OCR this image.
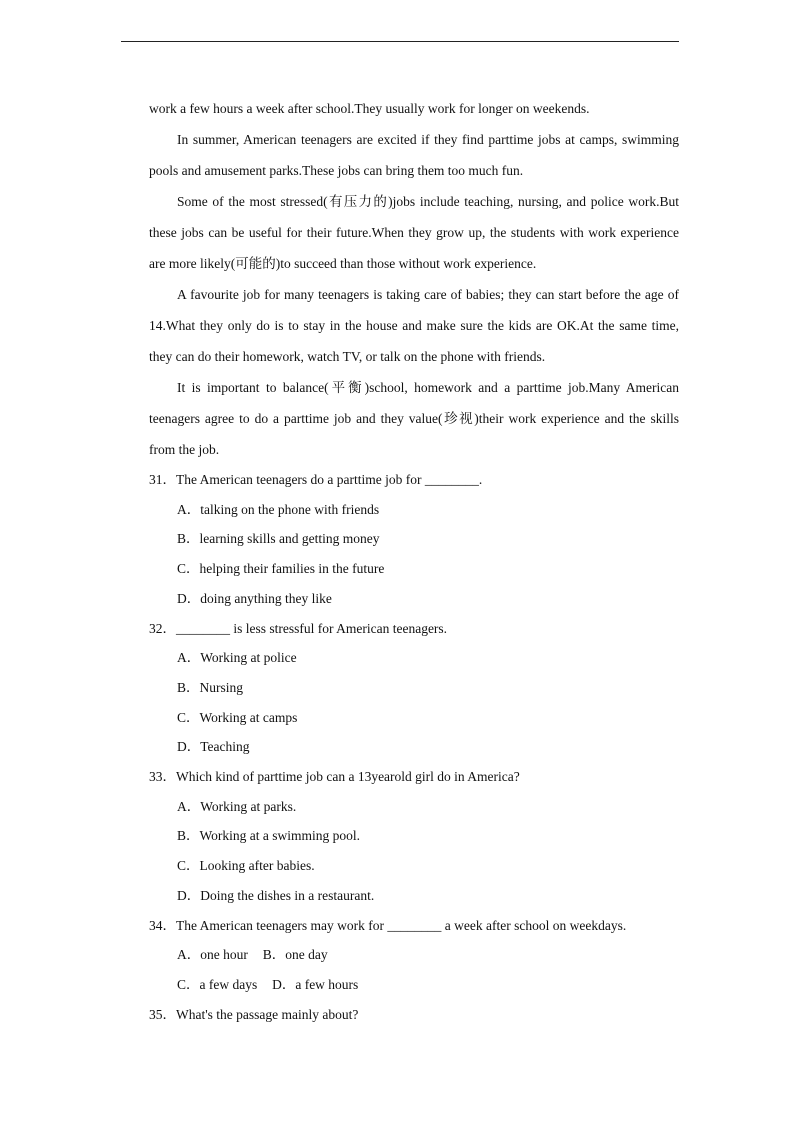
work a few hours a week after school.They usually work for longer on weekends.

In summer, American teenagers are excited if they find parttime jobs at camps, swimming pools and amusement parks.These jobs can bring them too much fun.

Some of the most stressed(有压力的)jobs include teaching, nursing, and police work.But these jobs can be useful for their future.When they grow up, the students with work experience are more likely(可能的)to succeed than those without work experience.

A favourite job for many teenagers is taking care of babies; they can start before the age of 14.What they only do is to stay in the house and make sure the kids are OK.At the same time, they can do their homework, watch TV, or talk on the phone with friends.

It is important to balance(平衡)school, homework and a parttime job.Many American teenagers agree to do a parttime job and they value(珍视)their work experience and the skills from the job.

31．The American teenagers do a parttime job for ________.

A．talking on the phone with friends

B．learning skills and getting money

C．helping their families in the future

D．doing anything they like

32．________ is less stressful for American teenagers.

A．Working at police

B．Nursing

C．Working at camps

D．Teaching

33．Which kind of parttime job can a 13yearold girl do in America?

A．Working at parks.

B．Working at a swimming pool.

C．Looking after babies.

D．Doing the dishes in a restaurant.

34．The American teenagers may work for ________ a week after school on weekdays.

A．one hour B．one day

C．a few days D．a few hours

35．What's the passage mainly about?
